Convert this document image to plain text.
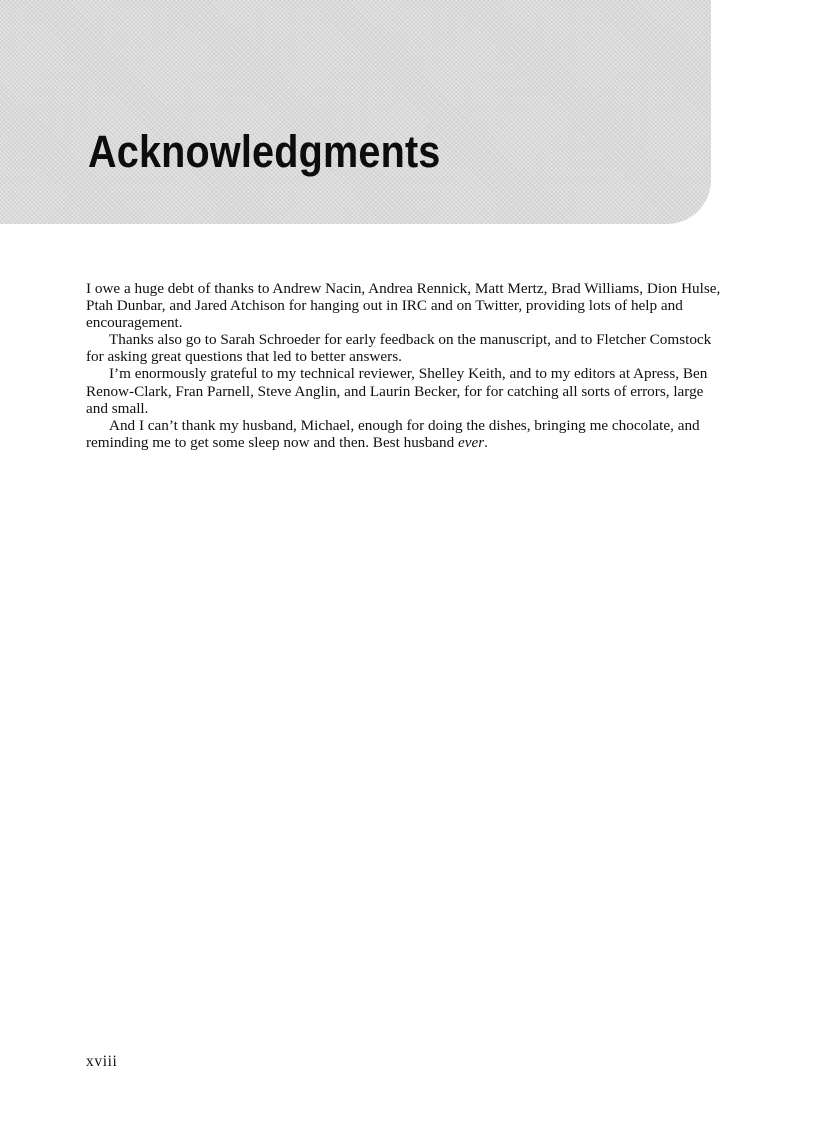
Acknowledgments

I owe a huge debt of thanks to Andrew Nacin, Andrea Rennick, Matt Mertz, Brad Williams, Dion Hulse, Ptah Dunbar, and Jared Atchison for hanging out in IRC and on Twitter, providing lots of help and encouragement.

Thanks also go to Sarah Schroeder for early feedback on the manuscript, and to Fletcher Comstock for asking great questions that led to better answers.

I’m enormously grateful to my technical reviewer, Shelley Keith, and to my editors at Apress, Ben Renow-Clark, Fran Parnell, Steve Anglin, and Laurin Becker, for for catching all sorts of errors, large and small.

And I can’t thank my husband, Michael, enough for doing the dishes, bringing me chocolate, and reminding me to get some sleep now and then. Best husband ever.

xviii
